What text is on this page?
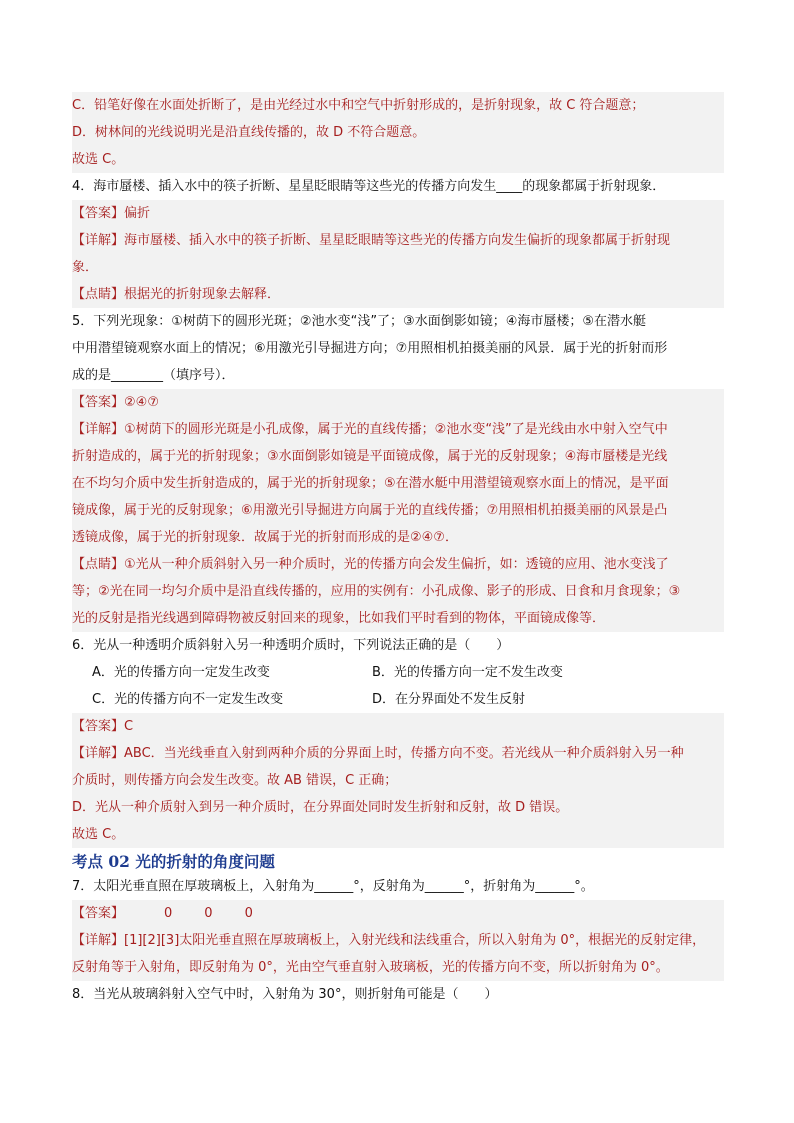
C．铅笔好像在水面处折断了，是由光经过水中和空气中折射形成的，是折射现象，故 C 符合题意；
D．树林间的光线说明光是沿直线传播的，故 D 不符合题意。
故选 C。
4．海市蜃楼、插入水中的筷子折断、星星眨眼睛等这些光的传播方向发生____的现象都属于折射现象．
【答案】偏折
【详解】海市蜃楼、插入水中的筷子折断、星星眨眼睛等这些光的传播方向发生偏折的现象都属于折射现
象．
【点睛】根据光的折射现象去解释．
5．下列光现象：①树荫下的圆形光斑；②池水变“浅”了；③水面倒影如镜；④海市蜃楼；⑤在潜水艇
中用潜望镜观察水面上的情况；⑥用激光引导掘进方向；⑦用照相机拍摄美丽的风景．属于光的折射而形
成的是________（填序号）．
【答案】②④⑦
【详解】①树荫下的圆形光斑是小孔成像，属于光的直线传播；②池水变“浅”了是光线由水中射入空气中
折射造成的，属于光的折射现象；③水面倒影如镜是平面镜成像，属于光的反射现象；④海市蜃楼是光线
在不均匀介质中发生折射造成的，属于光的折射现象；⑤在潜水艇中用潜望镜观察水面上的情况，是平面
镜成像，属于光的反射现象；⑥用激光引导掘进方向属于光的直线传播；⑦用照相机拍摄美丽的风景是凸
透镜成像，属于光的折射现象．故属于光的折射而形成的是②④⑦．
【点睛】①光从一种介质斜射入另一种介质时，光的传播方向会发生偏折，如：透镜的应用、池水变浅了
等；②光在同一均匀介质中是沿直线传播的，应用的实例有：小孔成像、影子的形成、日食和月食现象；③
光的反射是指光线遇到障碍物被反射回来的现象，比如我们平时看到的物体，平面镜成像等．
6．光从一种透明介质斜射入另一种透明介质时，下列说法正确的是（　　）
A．光的传播方向一定发生改变	B．光的传播方向一定不发生改变
C．光的传播方向不一定发生改变	D．在分界面处不发生反射
【答案】C
【详解】ABC．当光线垂直入射到两种介质的分界面上时，传播方向不变。若光线从一种介质斜射入另一种
介质时，则传播方向会发生改变。故 AB 错误，C 正确；
D．光从一种介质射入到另一种介质时，在分界面处同时发生折射和反射，故 D 错误。
故选 C。
考点 02 光的折射的角度问题
7．太阳光垂直照在厚玻璃板上，入射角为______°，反射角为______°，折射角为______°。
【答案】	0 0 0
【详解】[1][2][3]太阳光垂直照在厚玻璃板上，入射光线和法线重合，所以入射角为 0°，根据光的反射定律，
反射角等于入射角，即反射角为 0°，光由空气垂直射入玻璃板，光的传播方向不变，所以折射角为 0°。
8．当光从玻璃斜射入空气中时，入射角为 30°，则折射角可能是（　　）
